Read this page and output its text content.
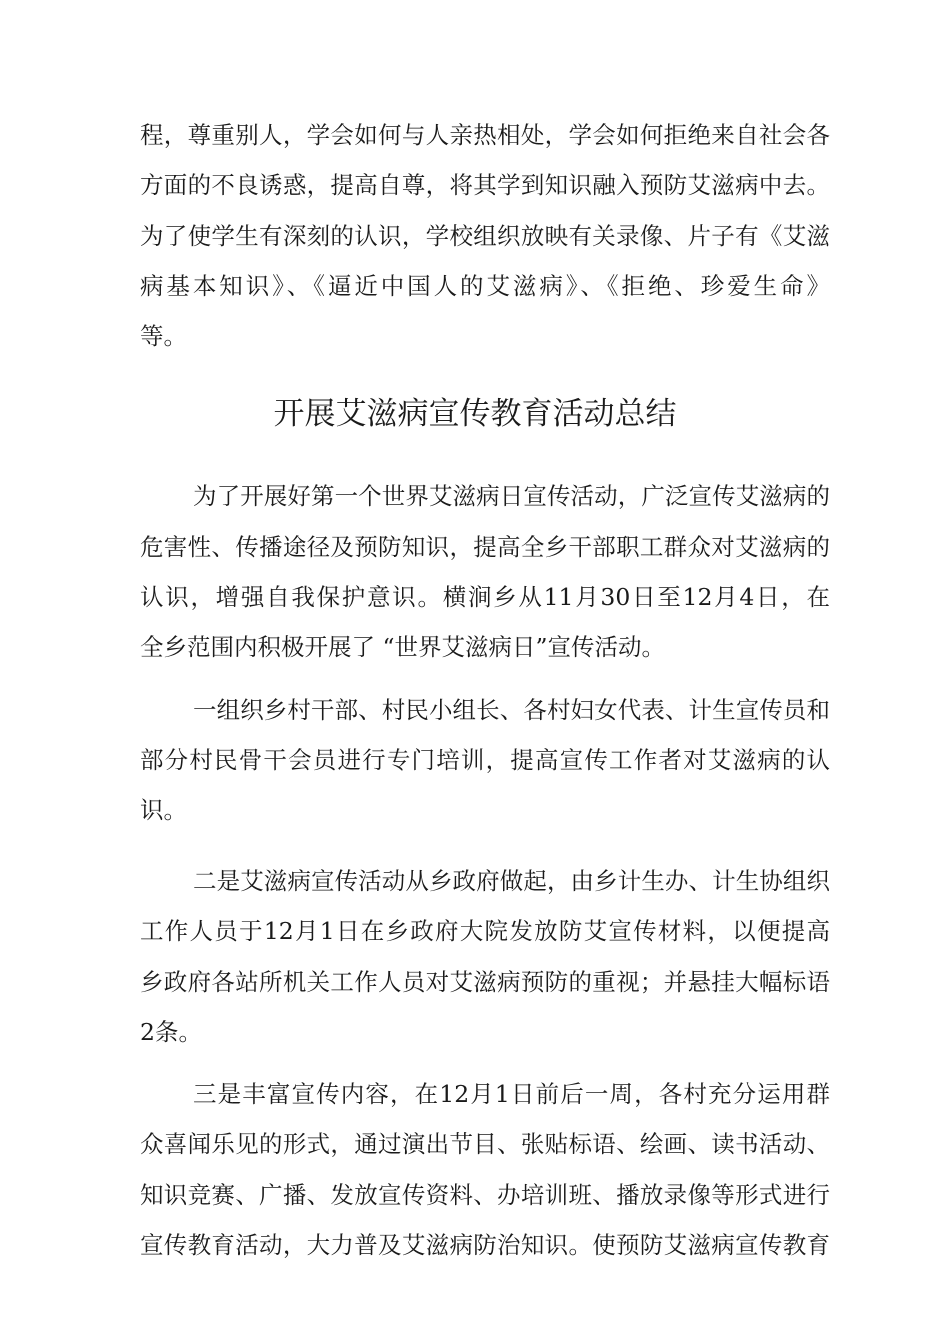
程，尊重别人，学会如何与人亲热相处，学会如何拒绝来自社会各
方面的不良诱惑，提高自尊，将其学到知识融入预防艾滋病中去。
为了使学生有深刻的认识，学校组织放映有关录像、片子有《艾滋
病基本知识》、《逼近中国人的艾滋病》、《拒绝、珍爱生命》
等。
开展艾滋病宣传教育活动总结
为了开展好第一个世界艾滋病日宣传活动，广泛宣传艾滋病的
危害性、传播途径及预防知识，提高全乡干部职工群众对艾滋病的
认识，增强自我保护意识。横涧乡从11月30日至12月4日，在
全乡范围内积极开展了 “世界艾滋病日”宣传活动。
一组织乡村干部、村民小组长、各村妇女代表、计生宣传员和
部分村民骨干会员进行专门培训，提高宣传工作者对艾滋病的认
识。
二是艾滋病宣传活动从乡政府做起，由乡计生办、计生协组织
工作人员于12月1日在乡政府大院发放防艾宣传材料，以便提高
乡政府各站所机关工作人员对艾滋病预防的重视；并悬挂大幅标语
2条。
三是丰富宣传内容，在12月1日前后一周，各村充分运用群
众喜闻乐见的形式，通过演出节目、张贴标语、绘画、读书活动、
知识竞赛、广播、发放宣传资料、办培训班、播放录像等形式进行
宣传教育活动，大力普及艾滋病防治知识。使预防艾滋病宣传教育
